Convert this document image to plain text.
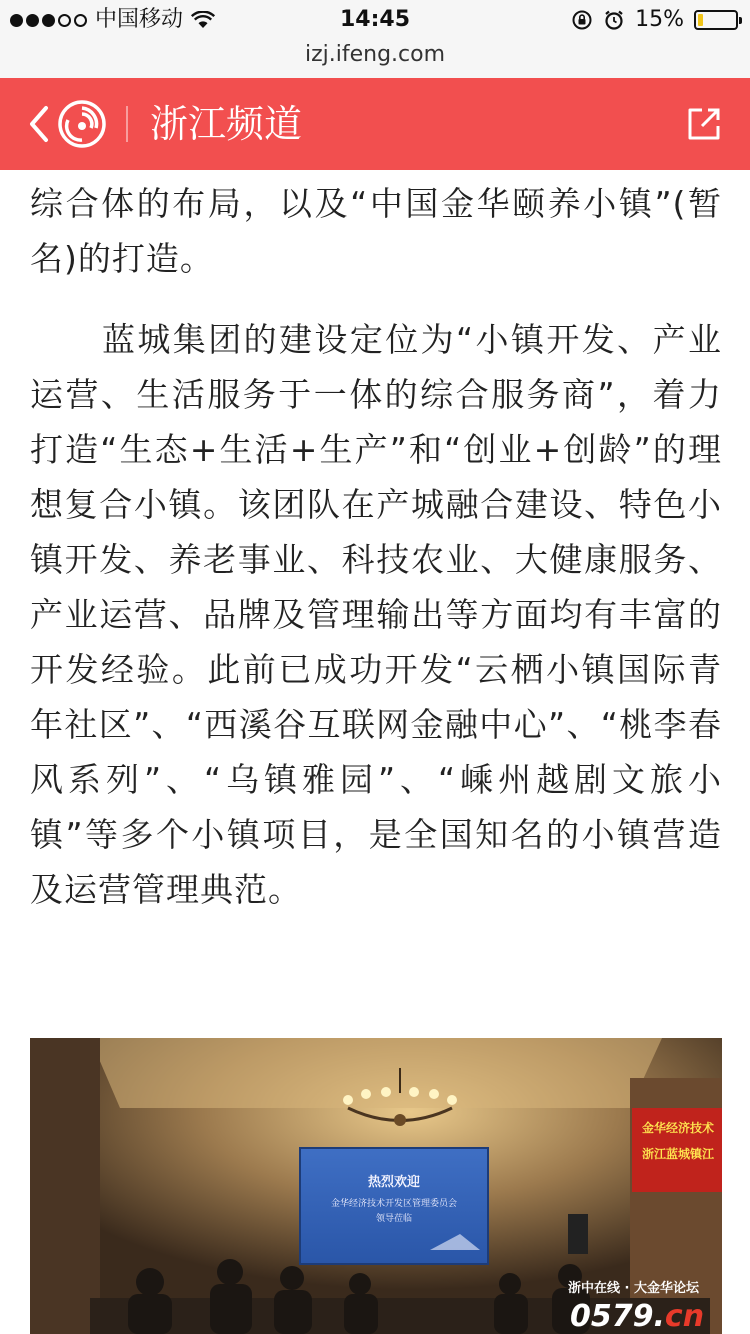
中国移动	14:45	15%
izj.ifeng.com
浙江频道

综合体的布局，以及“中国金华颐养小镇”(暂名)的打造。

蓝城集团的建设定位为“小镇开发、产业运营、生活服务于一体的综合服务商”，着力打造“生态+生活+生产”和“创业+创龄”的理想复合小镇。该团队在产城融合建设、特色小镇开发、养老事业、科技农业、大健康服务、产业运营、品牌及管理输出等方面均有丰富的开发经验。此前已成功开发“云栖小镇国际青年社区”、“西溪谷互联网金融中心”、“桃李春风系列”、“乌镇雅园”、“嵊州越剧文旅小镇”等多个小镇项目，是全国知名的小镇营造及运营管理典范。

热烈欢迎
金华经济技术开发区管理委员会
领导莅临
金华经济技术
浙江蓝城镇江
浙中在线 · 大金华论坛
0579.cn
